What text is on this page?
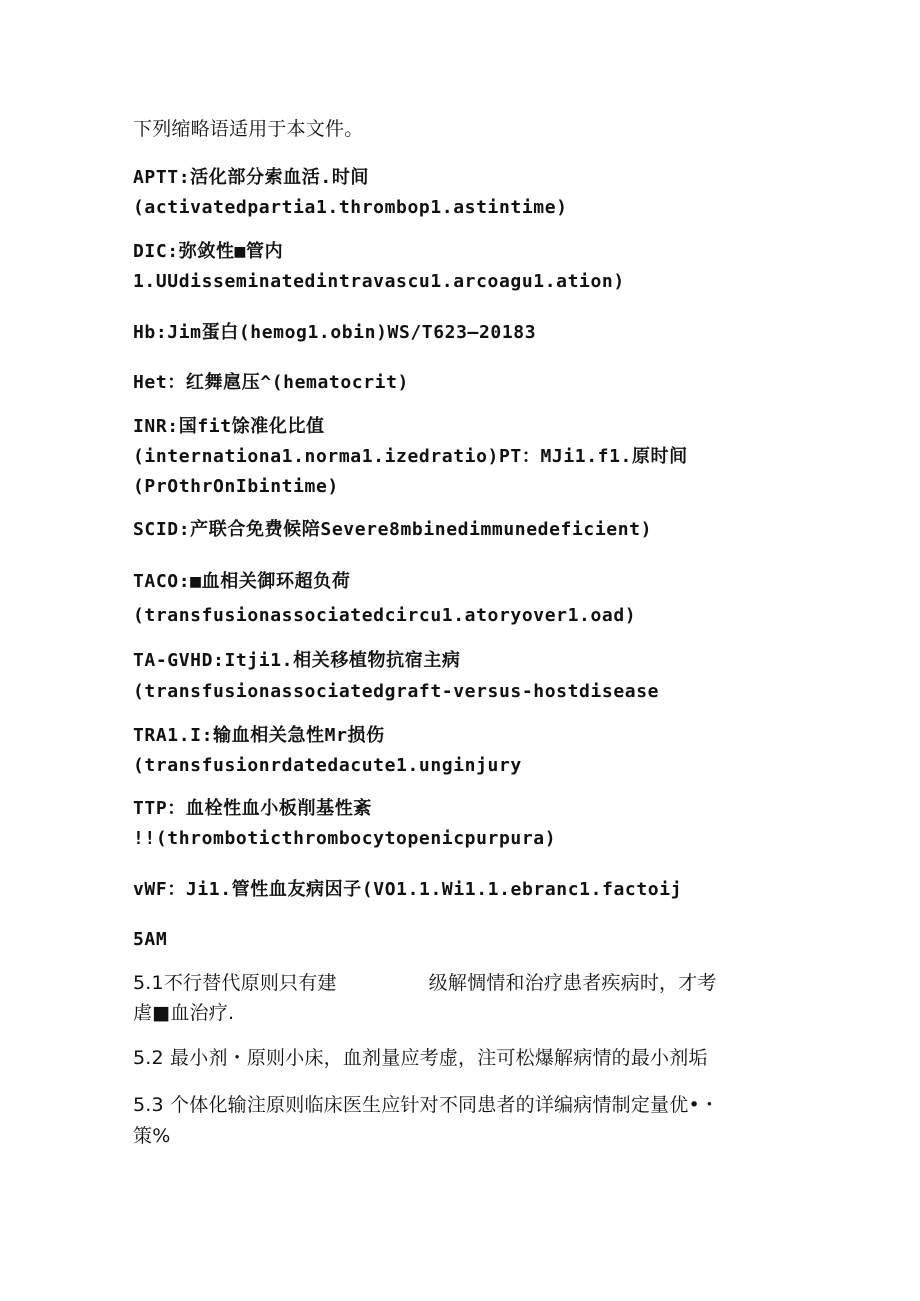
下列缩略语适用于本文件。
APTT:活化部分索血活.时间
(activatedpartia1.thrombop1.astintime)
DIC:弥敛性■管内
1.UUdisseminatedintravascu1.arcoagu1.ation)
Hb:Jim蛋白(hemog1.obin)WS/T623—20183
Het：红舞扈压^(hematocrit)
INR:国fit馀准化比值
(internationa1.norma1.izedratio)PT：MJi1.f1.原时间
(PrOthrOnIbintime)
SCID:产联合免费候陪Severe8mbinedimmunedeficient)
TACO:■血相关御环超负荷
(transfusionassociatedcircu1.atoryover1.oad)
TA-GVHD:Itji1.相关移植物抗宿主病
(transfusionassociatedgraft-versus-hostdisease
TRA1.I:输血相关急性Mr损伤
(transfusionrdatedacute1.unginjury
TTP：血栓性血小板削基性紊
!!(thromboticthrombocytopenicpurpura)
vWF：Ji1.管性血友病因子(VO1.1.Wi1.1.ebranc1.factoij
5AM
5.1不行替代原则只有建	级解惆情和治疗患者疾病时，才考
虐■血治疗.
5.2 最小剂・原则小床，血剂量应考虚，注可松爆解病情的最小剂垢
5.3 个体化输注原则临床医生应针对不同患者的详编病情制定量优•・
策%
